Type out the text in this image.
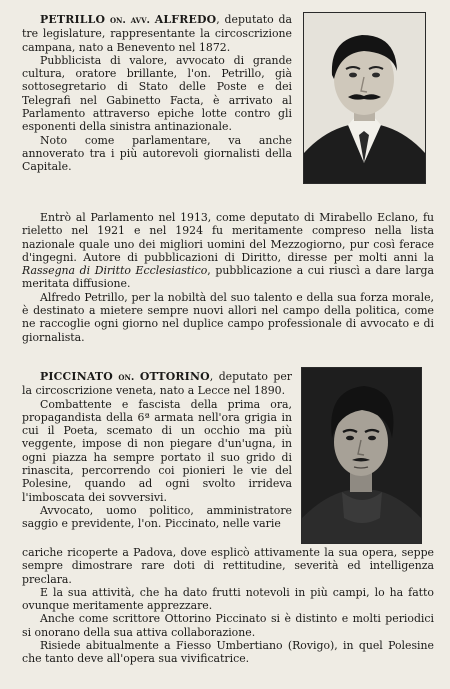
PETRILLO on. avv. ALFREDO, deputato da tre legislature, rappresentante la circoscrizione campana, nato a Benevento nel 1872.

Pubblicista di valore, avvocato di grande cultura, oratore brillante, l'on. Petrillo, già sottosegretario di Stato delle Poste e dei Telegrafi nel Gabinetto Facta, è arrivato al Parlamento attraverso epiche lotte contro gli esponenti della sinistra antinazionale.

Noto come parlamentare, va anche annoverato tra i più autorevoli giornalisti della Capitale.

Entrò al Parlamento nel 1913, come deputato di Mirabello Eclano, fu rieletto nel 1921 e nel 1924 fu meritamente compreso nella lista nazionale quale uno dei migliori uomini del Mezzogiorno, pur così ferace d'ingegni. Autore di pubblicazioni di Diritto, diresse per molti anni la Rassegna di Diritto Ecclesiastico, pubblicazione a cui riuscì a dare larga meritata diffusione.

Alfredo Petrillo, per la nobiltà del suo talento e della sua forza morale, è destinato a mietere sempre nuovi allori nel campo della politica, come ne raccoglie ogni giorno nel duplice campo professionale di avvocato e di giornalista.

PICCINATO on. OTTORINO, deputato per la circoscrizione veneta, nato a Lecce nel 1890.

Combattente e fascista della prima ora, propagandista della 6ª armata nell'ora grigia in cui il Poeta, scemato di un occhio ma più veggente, impose di non piegare d'un'ugna, in ogni piazza ha sempre portato il suo grido di rinascita, percorrendo coi pionieri le vie del Polesine, quando ad ogni svolto irrideva l'imboscata dei sovversivi.

Avvocato, uomo politico, amministratore saggio e previdente, l'on. Piccinato, nelle varie

cariche ricoperte a Padova, dove esplicò attivamente la sua opera, seppe sempre dimostrare rare doti di rettitudine, severità ed intelligenza preclara.

E la sua attività, che ha dato frutti notevoli in più campi, lo ha fatto ovunque meritamente apprezzare.

Anche come scrittore Ottorino Piccinato si è distinto e molti periodici si onorano della sua attiva collaborazione.

Risiede abitualmente a Fiesso Umbertiano (Rovigo), in quel Polesine che tanto deve all'opera sua vivificatrice.
